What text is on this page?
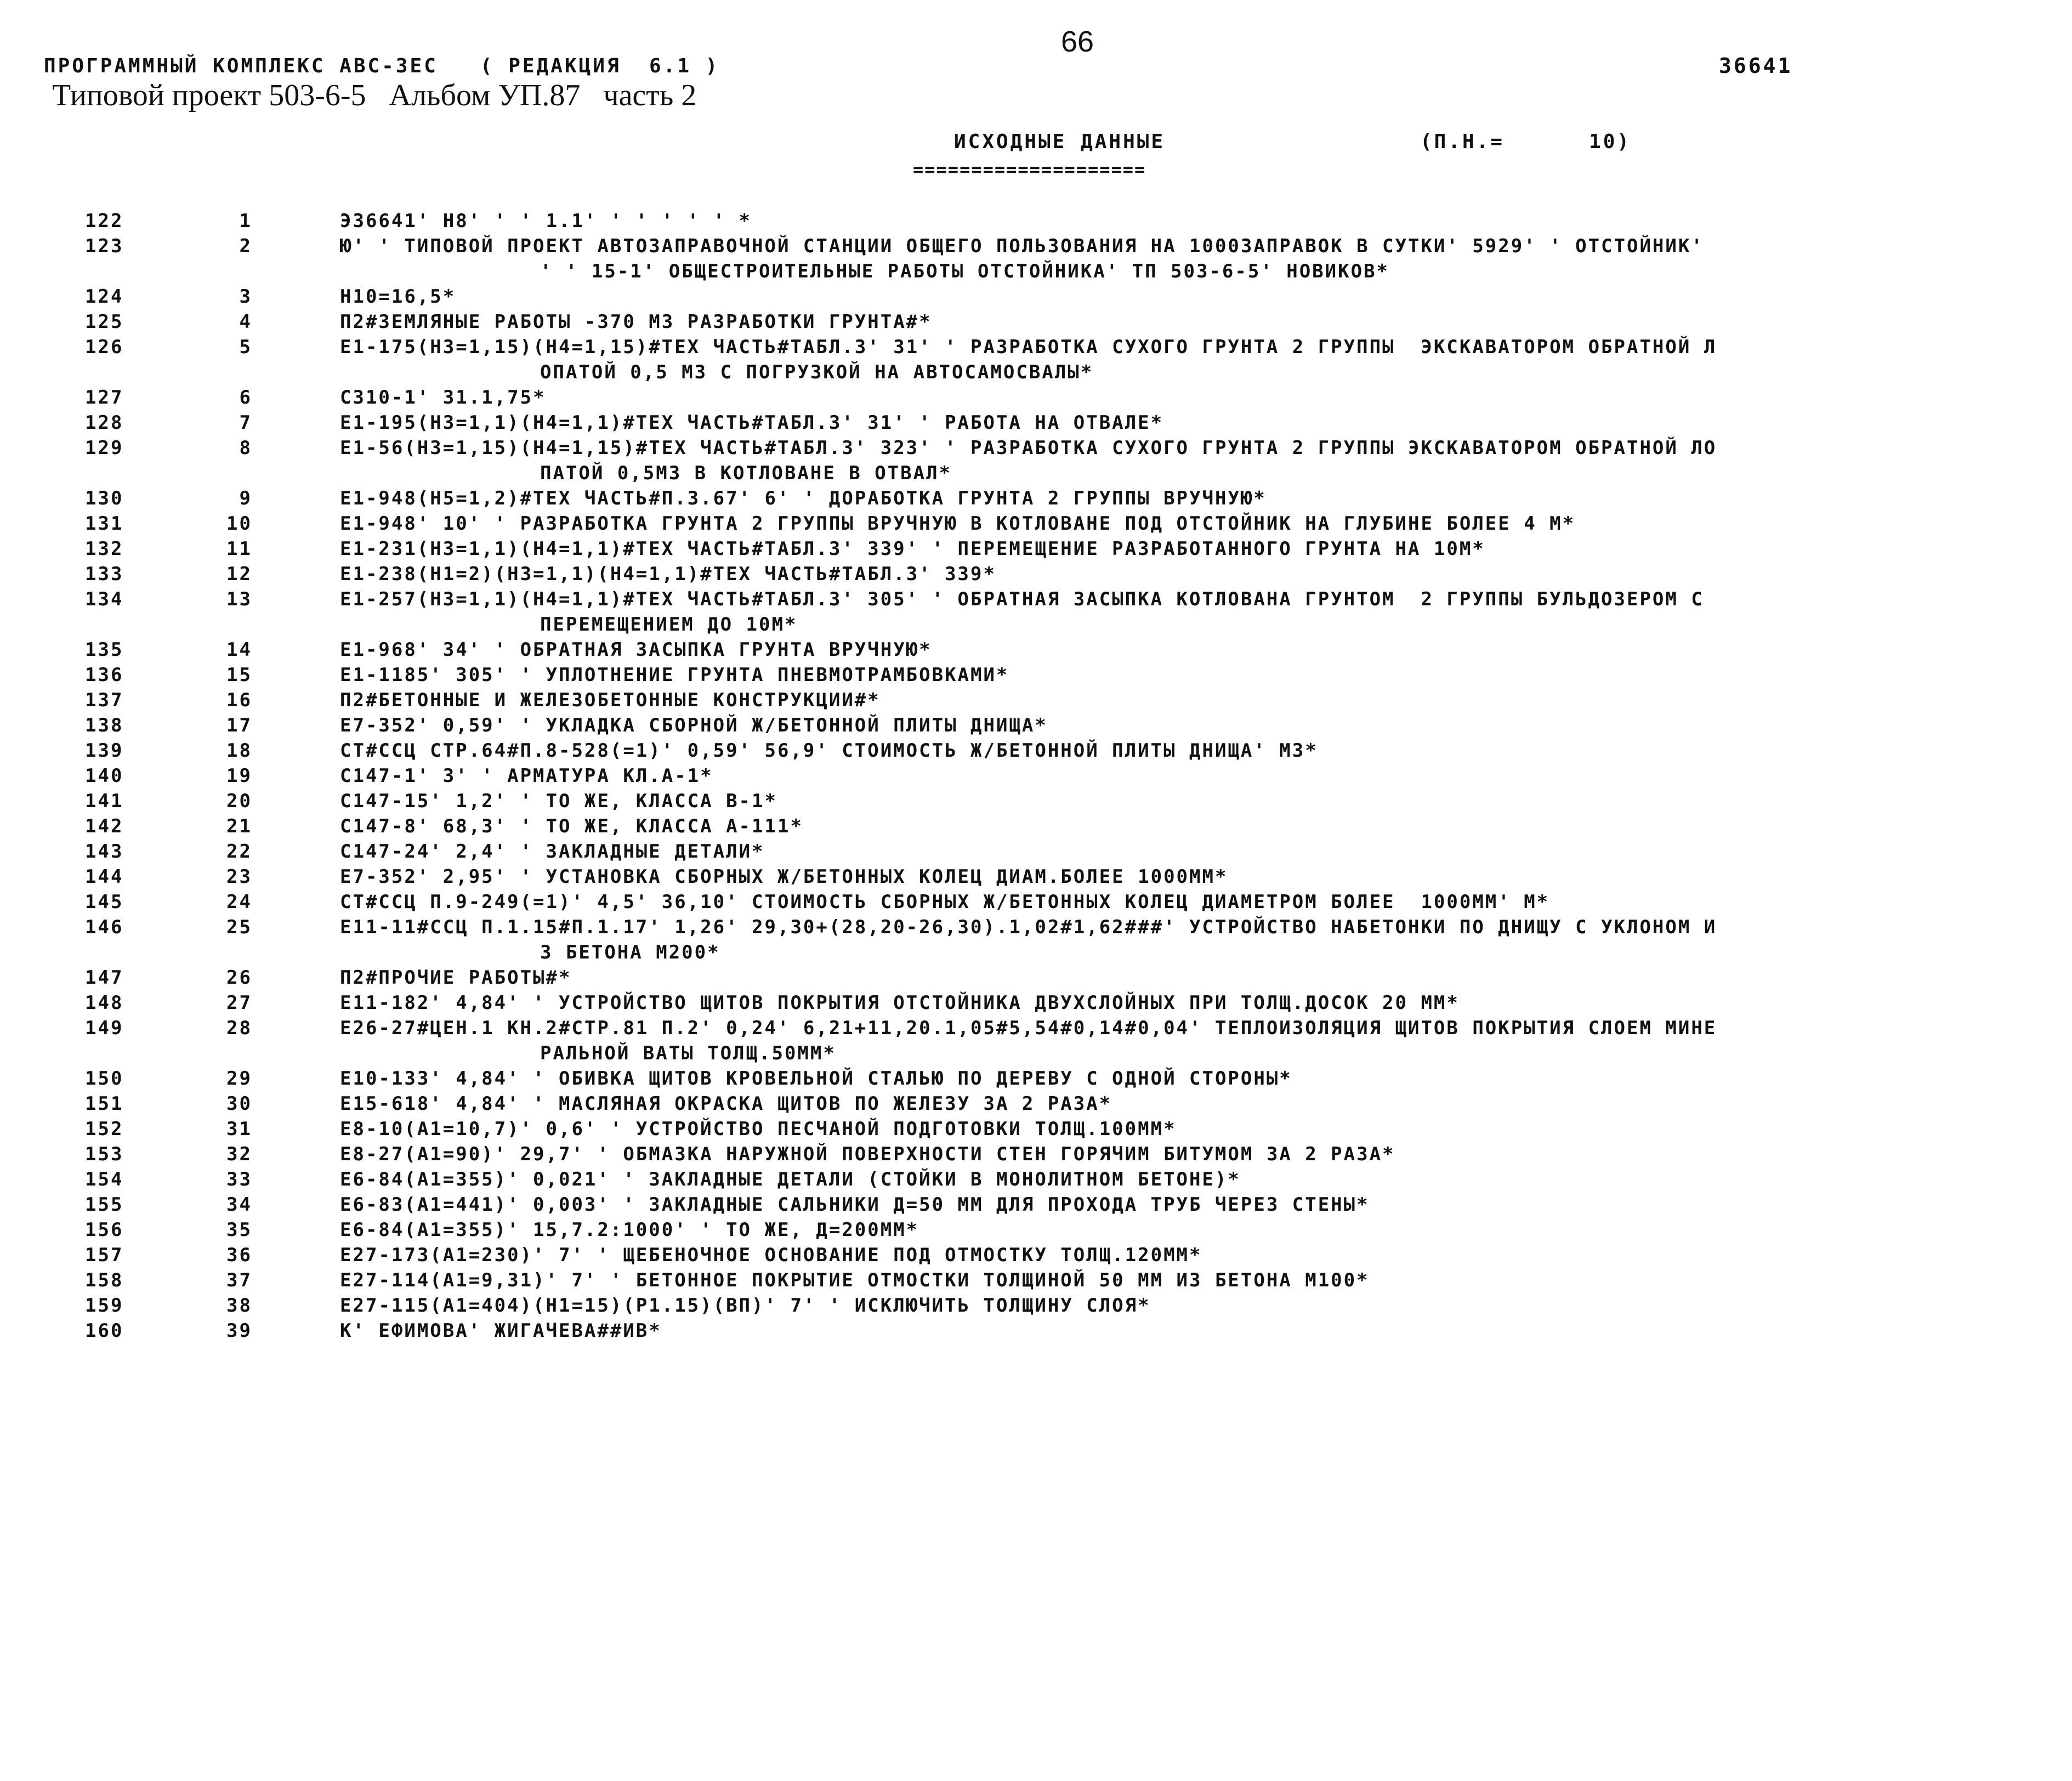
66
ПРОГРАММНЫЙ КОМПЛЕКС АВС-3ЕС   ( РЕДАКЦИЯ  6.1 )	36641
Типовой проект 503-6-5   Альбом УП.87   часть 2
ИСХОДНЫЕ ДАННЫЕ	(П.Н.=      10)
====================
122	1	Э36641' Н8' ' ' 1.1' ' ' ' ' ' *
123	2	Ю' ' ТИПОВОЙ ПРОЕКТ АВТОЗАПРАВОЧНОЙ СТАНЦИИ ОБЩЕГО ПОЛЬЗОВАНИЯ НА 1000ЗАПРАВОК В СУТКИ' 5929' ' ОТСТОЙНИК'
' ' 15-1' ОБЩЕСТРОИТЕЛЬНЫЕ РАБОТЫ ОТСТОЙНИКА' ТП 503-6-5' НОВИКОВ*
124	3	Н10=16,5*
125	4	П2#ЗЕМЛЯНЫЕ РАБОТЫ -370 М3 РАЗРАБОТКИ ГРУНТА#*
126	5	Е1-175(Н3=1,15)(Н4=1,15)#ТЕХ ЧАСТЬ#ТАБЛ.3' 31' ' РАЗРАБОТКА СУХОГО ГРУНТА 2 ГРУППЫ  ЭКСКАВАТОРОМ ОБРАТНОЙ Л
ОПАТОЙ 0,5 М3 С ПОГРУЗКОЙ НА АВТОСАМОСВАЛЫ*
127	6	С310-1' 31.1,75*
128	7	Е1-195(Н3=1,1)(Н4=1,1)#ТЕХ ЧАСТЬ#ТАБЛ.3' 31' ' РАБОТА НА ОТВАЛЕ*
129	8	Е1-56(Н3=1,15)(Н4=1,15)#ТЕХ ЧАСТЬ#ТАБЛ.3' 323' ' РАЗРАБОТКА СУХОГО ГРУНТА 2 ГРУППЫ ЭКСКАВАТОРОМ ОБРАТНОЙ ЛО
ПАТОЙ 0,5М3 В КОТЛОВАНЕ В ОТВАЛ*
130	9	Е1-948(Н5=1,2)#ТЕХ ЧАСТЬ#П.3.67' 6' ' ДОРАБОТКА ГРУНТА 2 ГРУППЫ ВРУЧНУЮ*
131	10	Е1-948' 10' ' РАЗРАБОТКА ГРУНТА 2 ГРУППЫ ВРУЧНУЮ В КОТЛОВАНЕ ПОД ОТСТОЙНИК НА ГЛУБИНЕ БОЛЕЕ 4 М*
132	11	Е1-231(Н3=1,1)(Н4=1,1)#ТЕХ ЧАСТЬ#ТАБЛ.3' 339' ' ПЕРЕМЕЩЕНИЕ РАЗРАБОТАННОГО ГРУНТА НА 10М*
133	12	Е1-238(Н1=2)(Н3=1,1)(Н4=1,1)#ТЕХ ЧАСТЬ#ТАБЛ.3' 339*
134	13	Е1-257(Н3=1,1)(Н4=1,1)#ТЕХ ЧАСТЬ#ТАБЛ.3' 305' ' ОБРАТНАЯ ЗАСЫПКА КОТЛОВАНА ГРУНТОМ  2 ГРУППЫ БУЛЬДОЗЕРОМ С
ПЕРЕМЕЩЕНИЕМ ДО 10М*
135	14	Е1-968' 34' ' ОБРАТНАЯ ЗАСЫПКА ГРУНТА ВРУЧНУЮ*
136	15	Е1-1185' 305' ' УПЛОТНЕНИЕ ГРУНТА ПНЕВМОТРАМБОВКАМИ*
137	16	П2#БЕТОННЫЕ И ЖЕЛЕЗОБЕТОННЫЕ КОНСТРУКЦИИ#*
138	17	Е7-352' 0,59' ' УКЛАДКА СБОРНОЙ Ж/БЕТОННОЙ ПЛИТЫ ДНИЩА*
139	18	СТ#ССЦ СТР.64#П.8-528(=1)' 0,59' 56,9' СТОИМОСТЬ Ж/БЕТОННОЙ ПЛИТЫ ДНИЩА' М3*
140	19	С147-1' 3' ' АРМАТУРА КЛ.А-1*
141	20	С147-15' 1,2' ' ТО ЖЕ, КЛАССА В-1*
142	21	С147-8' 68,3' ' ТО ЖЕ, КЛАССА А-111*
143	22	С147-24' 2,4' ' ЗАКЛАДНЫЕ ДЕТАЛИ*
144	23	Е7-352' 2,95' ' УСТАНОВКА СБОРНЫХ Ж/БЕТОННЫХ КОЛЕЦ ДИАМ.БОЛЕЕ 1000ММ*
145	24	СТ#ССЦ П.9-249(=1)' 4,5' 36,10' СТОИМОСТЬ СБОРНЫХ Ж/БЕТОННЫХ КОЛЕЦ ДИАМЕТРОМ БОЛЕЕ  1000ММ' М*
146	25	Е11-11#ССЦ П.1.15#П.1.17' 1,26' 29,30+(28,20-26,30).1,02#1,62###' УСТРОЙСТВО НАБЕТОНКИ ПО ДНИЩУ С УКЛОНОМ И
3 БЕТОНА М200*
147	26	П2#ПРОЧИЕ РАБОТЫ#*
148	27	Е11-182' 4,84' ' УСТРОЙСТВО ЩИТОВ ПОКРЫТИЯ ОТСТОЙНИКА ДВУХСЛОЙНЫХ ПРИ ТОЛЩ.ДОСОК 20 ММ*
149	28	Е26-27#ЦЕН.1 КН.2#СТР.81 П.2' 0,24' 6,21+11,20.1,05#5,54#0,14#0,04' ТЕПЛОИЗОЛЯЦИЯ ЩИТОВ ПОКРЫТИЯ СЛОЕМ МИНЕ
РАЛЬНОЙ ВАТЫ ТОЛЩ.50ММ*
150	29	Е10-133' 4,84' ' ОБИВКА ЩИТОВ КРОВЕЛЬНОЙ СТАЛЬЮ ПО ДЕРЕВУ С ОДНОЙ СТОРОНЫ*
151	30	Е15-618' 4,84' ' МАСЛЯНАЯ ОКРАСКА ЩИТОВ ПО ЖЕЛЕЗУ ЗА 2 РАЗА*
152	31	Е8-10(А1=10,7)' 0,6' ' УСТРОЙСТВО ПЕСЧАНОЙ ПОДГОТОВКИ ТОЛЩ.100ММ*
153	32	Е8-27(А1=90)' 29,7' ' ОБМАЗКА НАРУЖНОЙ ПОВЕРХНОСТИ СТЕН ГОРЯЧИМ БИТУМОМ ЗА 2 РАЗА*
154	33	Е6-84(А1=355)' 0,021' ' ЗАКЛАДНЫЕ ДЕТАЛИ (СТОЙКИ В МОНОЛИТНОМ БЕТОНЕ)*
155	34	Е6-83(А1=441)' 0,003' ' ЗАКЛАДНЫЕ САЛЬНИКИ Д=50 ММ ДЛЯ ПРОХОДА ТРУБ ЧЕРЕЗ СТЕНЫ*
156	35	Е6-84(А1=355)' 15,7.2:1000' ' ТО ЖЕ, Д=200ММ*
157	36	Е27-173(А1=230)' 7' ' ЩЕБЕНОЧНОЕ ОСНОВАНИЕ ПОД ОТМОСТКУ ТОЛЩ.120ММ*
158	37	Е27-114(А1=9,31)' 7' ' БЕТОННОЕ ПОКРЫТИЕ ОТМОСТКИ ТОЛЩИНОЙ 50 ММ ИЗ БЕТОНА М100*
159	38	Е27-115(А1=404)(Н1=15)(Р1.15)(ВП)' 7' ' ИСКЛЮЧИТЬ ТОЛЩИНУ СЛОЯ*
160	39	К' ЕФИМОВА' ЖИГАЧЕВА##ИВ*
